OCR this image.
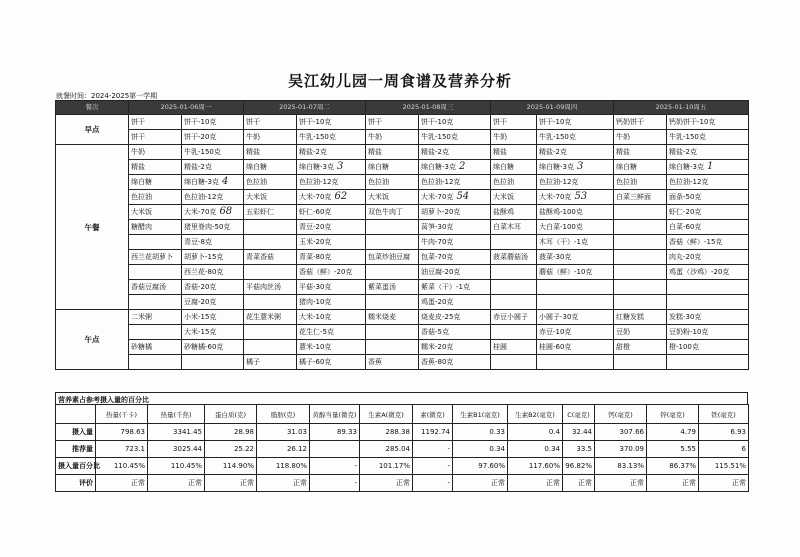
吴江幼儿园一周食谱及营养分析
就餐时间：2024-2025第一学期
餐次	2025-01-06周一		2025-01-07周二		2025-01-08周三		2025-01-09周四		2025-01-10周五	
早点	饼干	饼干-10克	饼干	饼干-10克	饼干	饼干-10克	饼干	饼干-10克	钙奶饼干	钙奶饼干-10克
	饼干	饼干-20克	牛奶	牛乳-150克	牛奶	牛乳-150克	牛奶	牛乳-150克	牛奶	牛乳-150克
午餐	牛奶	牛乳-150克	精盐	精盐-2克	精盐	精盐-2克	精盐	精盐-2克	精盐	精盐-2克
	精盐	精盐-2克	绵白糖	绵白糖-3克 3	绵白糖	绵白糖-3克 2	绵白糖	绵白糖-3克 3	绵白糖	绵白糖-3克 1
	绵白糖	绵白糖-3克 4	色拉油	色拉油-12克	色拉油	色拉油-12克	色拉油	色拉油-12克	色拉油	色拉油-12克
	色拉油	色拉油-12克	大米饭	大米-70克 62	大米饭	大米-70克 54	大米饭	大米-70克 53	白菜三鲜面	面条-50克
	大米饭	大米-70克 68	五彩虾仁	虾仁-60克	双色牛肉丁	胡萝卜-20克	盐酥鸡	盐酥鸡-100克		虾仁-20克
	糖醋肉	猪里脊肉-50克		青豆-20克		莴笋-30克	白菜木耳	大白菜-100克		白菜-60克
		青豆-8克		玉米-20克		牛肉-70克		木耳（干）-1克		香菇（鲜）-15克
	西兰花胡萝卜	胡萝卜-15克	青菜香菇	青菜-80克	包菜炒油豆腐	包菜-70克	菠菜蘑菇汤	菠菜-30克		肉丸-20克
		西兰花-80克		香菇（鲜）-20克		油豆腐-20克		蘑菇（鲜）-10克		鸡蛋（沙鸡）-20克
	香菇豆腐汤	香菇-20克	平菇肉丝汤	平菇-30克	紫菜蛋汤	紫菜（干）-1克				
		豆腐-20克		猪肉-10克		鸡蛋-20克				
午点	二米粥	小米-15克	花生薏米粥	大米-10克	糯米烧麦	烧麦皮-25克	赤豆小圆子	小圆子-30克	红糖发糕	发糕-30克
		大米-15克		花生仁-5克		香菇-5克		赤豆-10克	豆奶	豆奶粉-10克
	砂糖橘	砂糖橘-60克		薏米-10克		糯米-20克	桂圆	桂圆-60克	甜橙	橙-100克
			橘子	橘子-60克	香蕉	香蕉-80克				
营养素占参考摄入量的百分比
	热量(千卡)	热量(千焦)	蛋白质(克)	脂肪(克)	黄醇当量(微克)	生素A(微克)	素(微克)	生素B1(毫克)	生素B2(毫克)	C(毫克)	钙(毫克)	锌(毫克)	铁(毫克)
摄入量	798.63	3341.45	28.98	31.03	89.33	288.38	1192.74	0.33	0.4	32.44	307.66	4.79	6.93
推荐量	723.1	3025.44	25.22	26.12		285.04	-	0.34	0.34	33.5	370.09	5.55	6
摄入量百分比	110.45%	110.45%	114.90%	118.80%	-	101.17%	-	97.60%	117.60%	96.82%	83.13%	86.37%	115.51%
评价	正常	正常	正常	正常	-	正常	-	正常	正常	正常	正常	正常	正常
